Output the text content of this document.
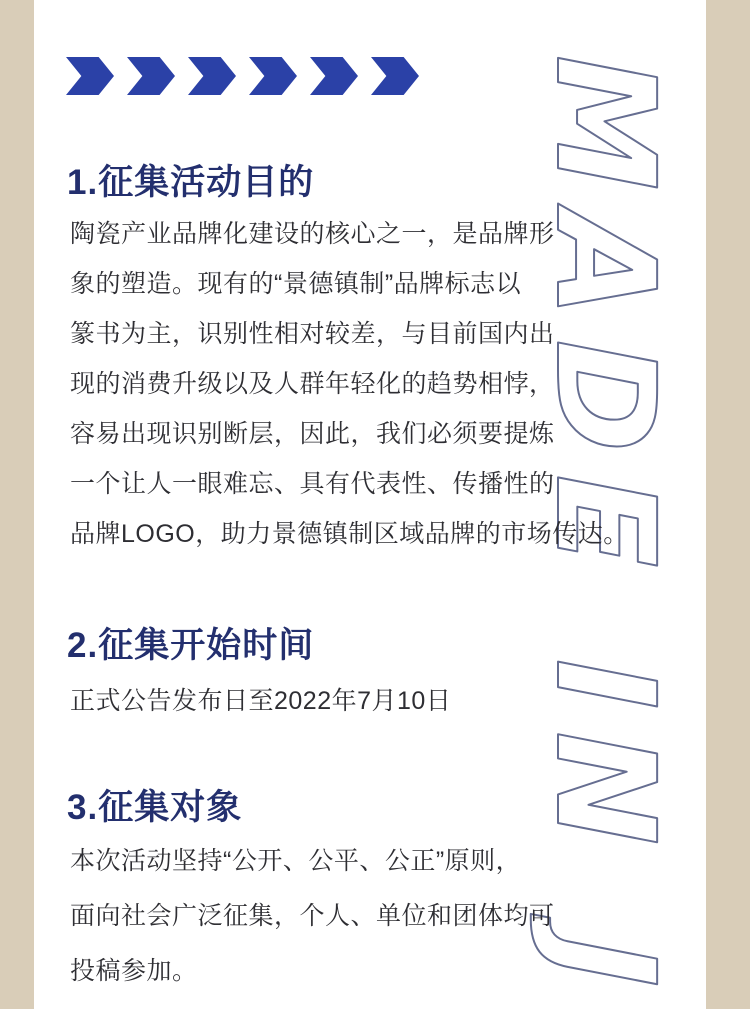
MADE IN J
1.征集活动目的
陶瓷产业品牌化建设的核心之一，是品牌形
象的塑造。现有的“景德镇制”品牌标志以
篆书为主，识别性相对较差，与目前国内出
现的消费升级以及人群年轻化的趋势相悖，
容易出现识别断层，因此，我们必须要提炼
一个让人一眼难忘、具有代表性、传播性的
品牌LOGO，助力景德镇制区域品牌的市场传达。
2.征集开始时间
正式公告发布日至2022年7月10日
3.征集对象
本次活动坚持“公开、公平、公正”原则，
面向社会广泛征集，个人、单位和团体均可
投稿参加。
